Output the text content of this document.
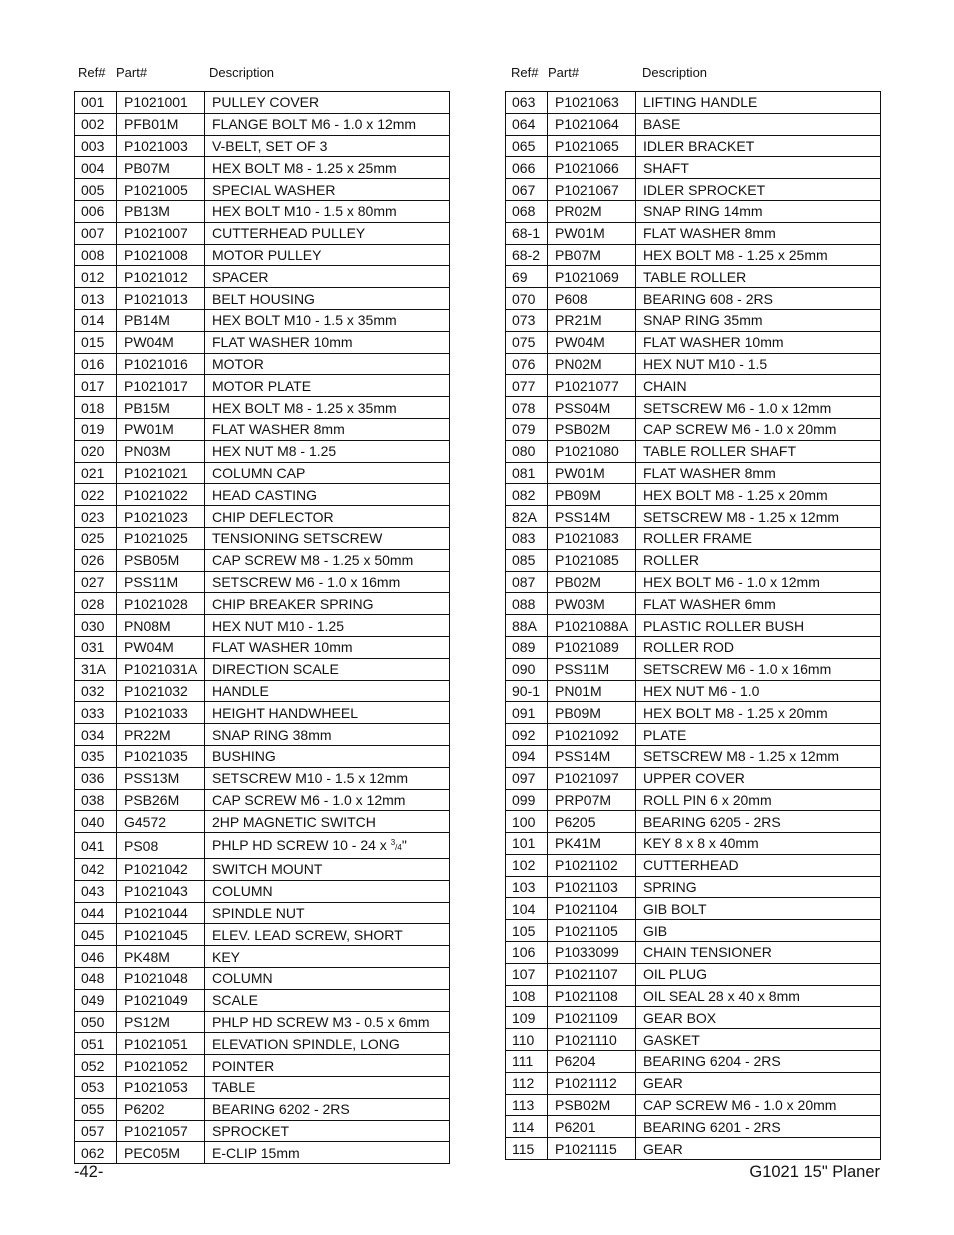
Ref# Part#	Description	Ref# Part#	Description
001	P1021001	PULLEY COVER
002	PFB01M	FLANGE BOLT M6 - 1.0 x 12mm
003	P1021003	V-BELT, SET OF 3
004	PB07M	HEX BOLT M8 - 1.25 x 25mm
005	P1021005	SPECIAL WASHER
006	PB13M	HEX BOLT M10 - 1.5 x 80mm
007	P1021007	CUTTERHEAD PULLEY
008	P1021008	MOTOR PULLEY
012	P1021012	SPACER
013	P1021013	BELT HOUSING
014	PB14M	HEX BOLT M10 - 1.5 x 35mm
015	PW04M	FLAT WASHER 10mm
016	P1021016	MOTOR
017	P1021017	MOTOR PLATE
018	PB15M	HEX BOLT M8 - 1.25 x 35mm
019	PW01M	FLAT WASHER 8mm
020	PN03M	HEX NUT M8 - 1.25
021	P1021021	COLUMN CAP
022	P1021022	HEAD CASTING
023	P1021023	CHIP DEFLECTOR
025	P1021025	TENSIONING SETSCREW
026	PSB05M	CAP SCREW M8 - 1.25 x 50mm
027	PSS11M	SETSCREW M6 - 1.0 x 16mm
028	P1021028	CHIP BREAKER SPRING
030	PN08M	HEX NUT M10 - 1.25
031	PW04M	FLAT WASHER 10mm
31A	P1021031A	DIRECTION SCALE
032	P1021032	HANDLE
033	P1021033	HEIGHT HANDWHEEL
034	PR22M	SNAP RING 38mm
035	P1021035	BUSHING
036	PSS13M	SETSCREW M10 - 1.5 x 12mm
038	PSB26M	CAP SCREW M6 - 1.0 x 12mm
040	G4572	2HP MAGNETIC SWITCH
041	PS08	PHLP HD SCREW 10 - 24 x $^3$/4"
042	P1021042	SWITCH MOUNT
043	P1021043	COLUMN
044	P1021044	SPINDLE NUT
045	P1021045	ELEV. LEAD SCREW, SHORT
046	PK48M	KEY
048	P1021048	COLUMN
049	P1021049	SCALE
050	PS12M	PHLP HD SCREW M3 - 0.5 x 6mm
051	P1021051	ELEVATION SPINDLE, LONG
052	P1021052	POINTER
053	P1021053	TABLE
055	P6202	BEARING 6202 - 2RS
057	P1021057	SPROCKET
062	PEC05M	E-CLIP 15mm
063	P1021063	LIFTING HANDLE
064	P1021064	BASE
065	P1021065	IDLER BRACKET
066	P1021066	SHAFT
067	P1021067	IDLER SPROCKET
068	PR02M	SNAP RING 14mm
68-1	PW01M	FLAT WASHER 8mm
68-2	PB07M	HEX BOLT M8 - 1.25 x 25mm
69	P1021069	TABLE ROLLER
070	P608	BEARING 608 - 2RS
073	PR21M	SNAP RING 35mm
075	PW04M	FLAT WASHER 10mm
076	PN02M	HEX NUT M10 - 1.5
077	P1021077	CHAIN
078	PSS04M	SETSCREW M6 - 1.0 x 12mm
079	PSB02M	CAP SCREW M6 - 1.0 x 20mm
080	P1021080	TABLE ROLLER SHAFT
081	PW01M	FLAT WASHER 8mm
082	PB09M	HEX BOLT M8 - 1.25 x 20mm
82A	PSS14M	SETSCREW M8 - 1.25 x 12mm
083	P1021083	ROLLER FRAME
085	P1021085	ROLLER
087	PB02M	HEX BOLT M6 - 1.0 x 12mm
088	PW03M	FLAT WASHER 6mm
88A	P1021088A	PLASTIC ROLLER BUSH
089	P1021089	ROLLER ROD
090	PSS11M	SETSCREW M6 - 1.0 x 16mm
90-1	PN01M	HEX NUT M6 - 1.0
091	PB09M	HEX BOLT M8 - 1.25 x 20mm
092	P1021092	PLATE
094	PSS14M	SETSCREW M8 - 1.25 x 12mm
097	P1021097	UPPER COVER
099	PRP07M	ROLL PIN 6 x 20mm
100	P6205	BEARING 6205 - 2RS
101	PK41M	KEY 8 x 8 x 40mm
102	P1021102	CUTTERHEAD
103	P1021103	SPRING
104	P1021104	GIB BOLT
105	P1021105	GIB
106	P1033099	CHAIN TENSIONER
107	P1021107	OIL PLUG
108	P1021108	OIL SEAL 28 x 40 x 8mm
109	P1021109	GEAR BOX
110	P1021110	GASKET
111	P6204	BEARING 6204 - 2RS
112	P1021112	GEAR
113	PSB02M	CAP SCREW M6 - 1.0 x 20mm
114	P6201	BEARING 6201 - 2RS
115	P1021115	GEAR
-42-	G1021 15" Planer
